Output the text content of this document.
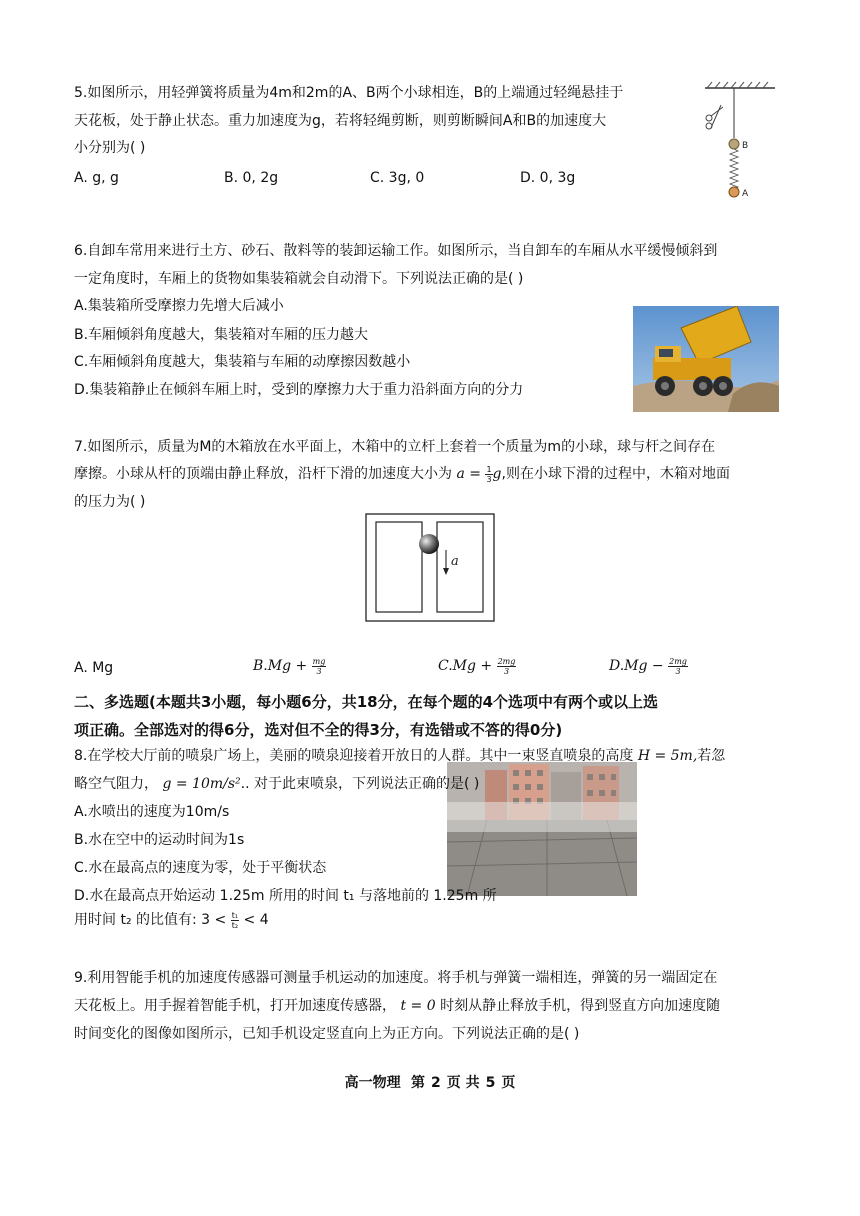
5.如图所示，用轻弹簧将质量为4m和2m的A、B两个小球相连，B的上端通过轻绳悬挂于
天花板，处于静止状态。重力加速度为g，若将轻绳剪断，则剪断瞬间A和B的加速度大
小分别为( )
A. g, g	B. 0, 2g	C. 3g, 0	D. 0, 3g
B
A
6.自卸车常用来进行土方、砂石、散料等的装卸运输工作。如图所示，当自卸车的车厢从水平缓慢倾斜到
一定角度时，车厢上的货物如集装箱就会自动滑下。下列说法正确的是( )
A.集装箱所受摩擦力先增大后减小
B.车厢倾斜角度越大，集装箱对车厢的压力越大
C.车厢倾斜角度越大，集装箱与车厢的动摩擦因数越小
D.集装箱静止在倾斜车厢上时，受到的摩擦力大于重力沿斜面方向的分力
7.如图所示，质量为M的木箱放在水平面上，木箱中的立杆上套着一个质量为m的小球，球与杆之间存在
摩擦。小球从杆的顶端由静止释放，沿杆下滑的加速度大小为 $a = \frac{1}{3} g$,则在小球下滑的过程中，木箱对地面
的压力为( )
a
A. Mg	$B.Mg + \frac{mg}{3}$	$C.Mg + \frac{2mg}{3}$	$D.Mg - \frac{2mg}{3}$
二、多选题(本题共3小题，每小题6分，共18分，在每个题的4个选项中有两个或以上选
项正确。全部选对的得6分，选对但不全的得3分，有选错或不答的得0分)
8.在学校大厅前的喷泉广场上，美丽的喷泉迎接着开放日的人群。其中一束竖直喷泉的高度 H = 5m,若忽
略空气阻力， g = 10m/s².. 对于此束喷泉，下列说法正确的是( )
A.水喷出的速度为10m/s
B.水在空中的运动时间为1s
C.水在最高点的速度为零，处于平衡状态
D.水在最高点开始运动 1.25m 所用的时间 t₁ 与落地前的 1.25m 所
用时间 t₂ 的比值有: $3 < \frac{\text{t₁}}{\text{t₂}} < 4$
9.利用智能手机的加速度传感器可测量手机运动的加速度。将手机与弹簧一端相连，弹簧的另一端固定在
天花板上。用手握着智能手机，打开加速度传感器， t = 0 时刻从静止释放手机，得到竖直方向加速度随
时间变化的图像如图所示，已知手机设定竖直向上为正方向。下列说法正确的是( )
高一物理 第 2 页 共 5 页
